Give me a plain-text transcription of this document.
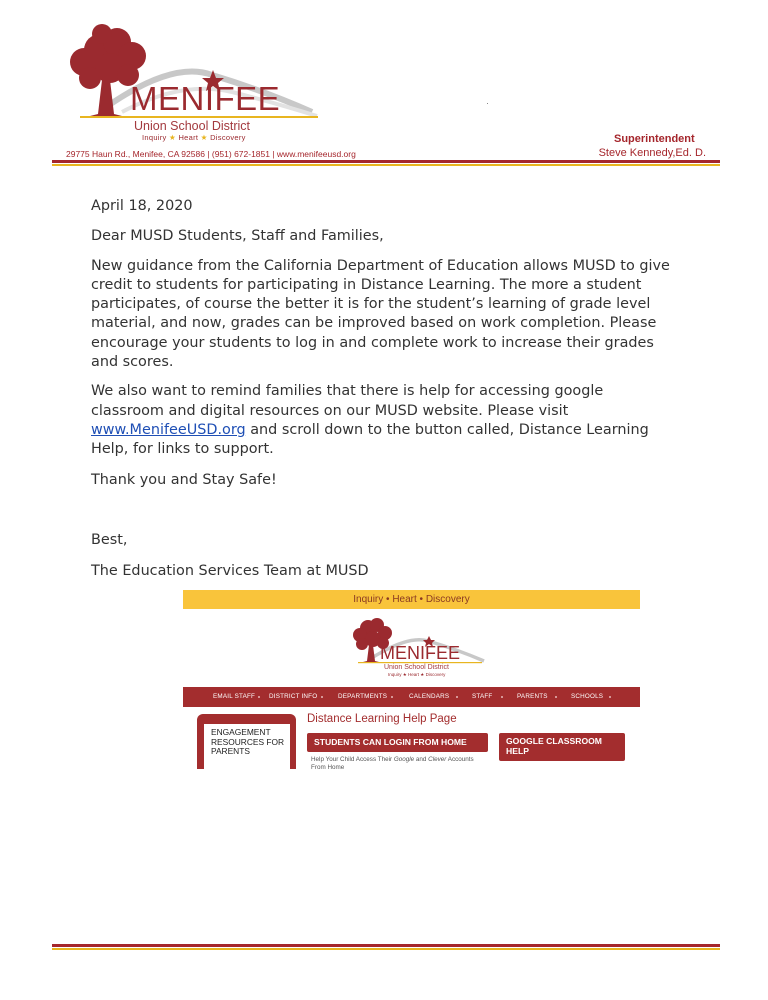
MENIFEE
Union School District
Inquiry ★ Heart ★ Discovery
29775 Haun Rd., Menifee, CA 92586 | (951) 672-1851 | www.menifeeusd.org
Superintendent
Steve Kennedy,Ed. D.

April 18, 2020

Dear MUSD Students, Staff and Families,

New guidance from the California Department of Education allows MUSD to give credit to students for participating in Distance Learning. The more a student participates, of course the better it is for the student’s learning of grade level material, and now, grades can be improved based on work completion. Please encourage your students to log in and complete work to increase their grades and scores.

We also want to remind families that there is help for accessing google classroom and digital resources on our MUSD website. Please visit www.MenifeeUSD.org and scroll down to the button called, Distance Learning Help, for links to support.

Thank you and Stay Safe!

Best,

The Education Services Team at MUSD

Inquiry • Heart • Discovery
MENIFEE
Union School District
Inquiry ★ Heart ★ Discovery
EMAIL STAFF DISTRICT INFO	DEPARTMENTS	CALENDARS	STAFF	PARENTS	SCHOOLS
ENGAGEMENT RESOURCES FOR PARENTS
Distance Learning Help Page
STUDENTS CAN LOGIN FROM HOME	GOOGLE CLASSROOM HELP
Help Your Child Access Their Google and Clever Accounts From Home
